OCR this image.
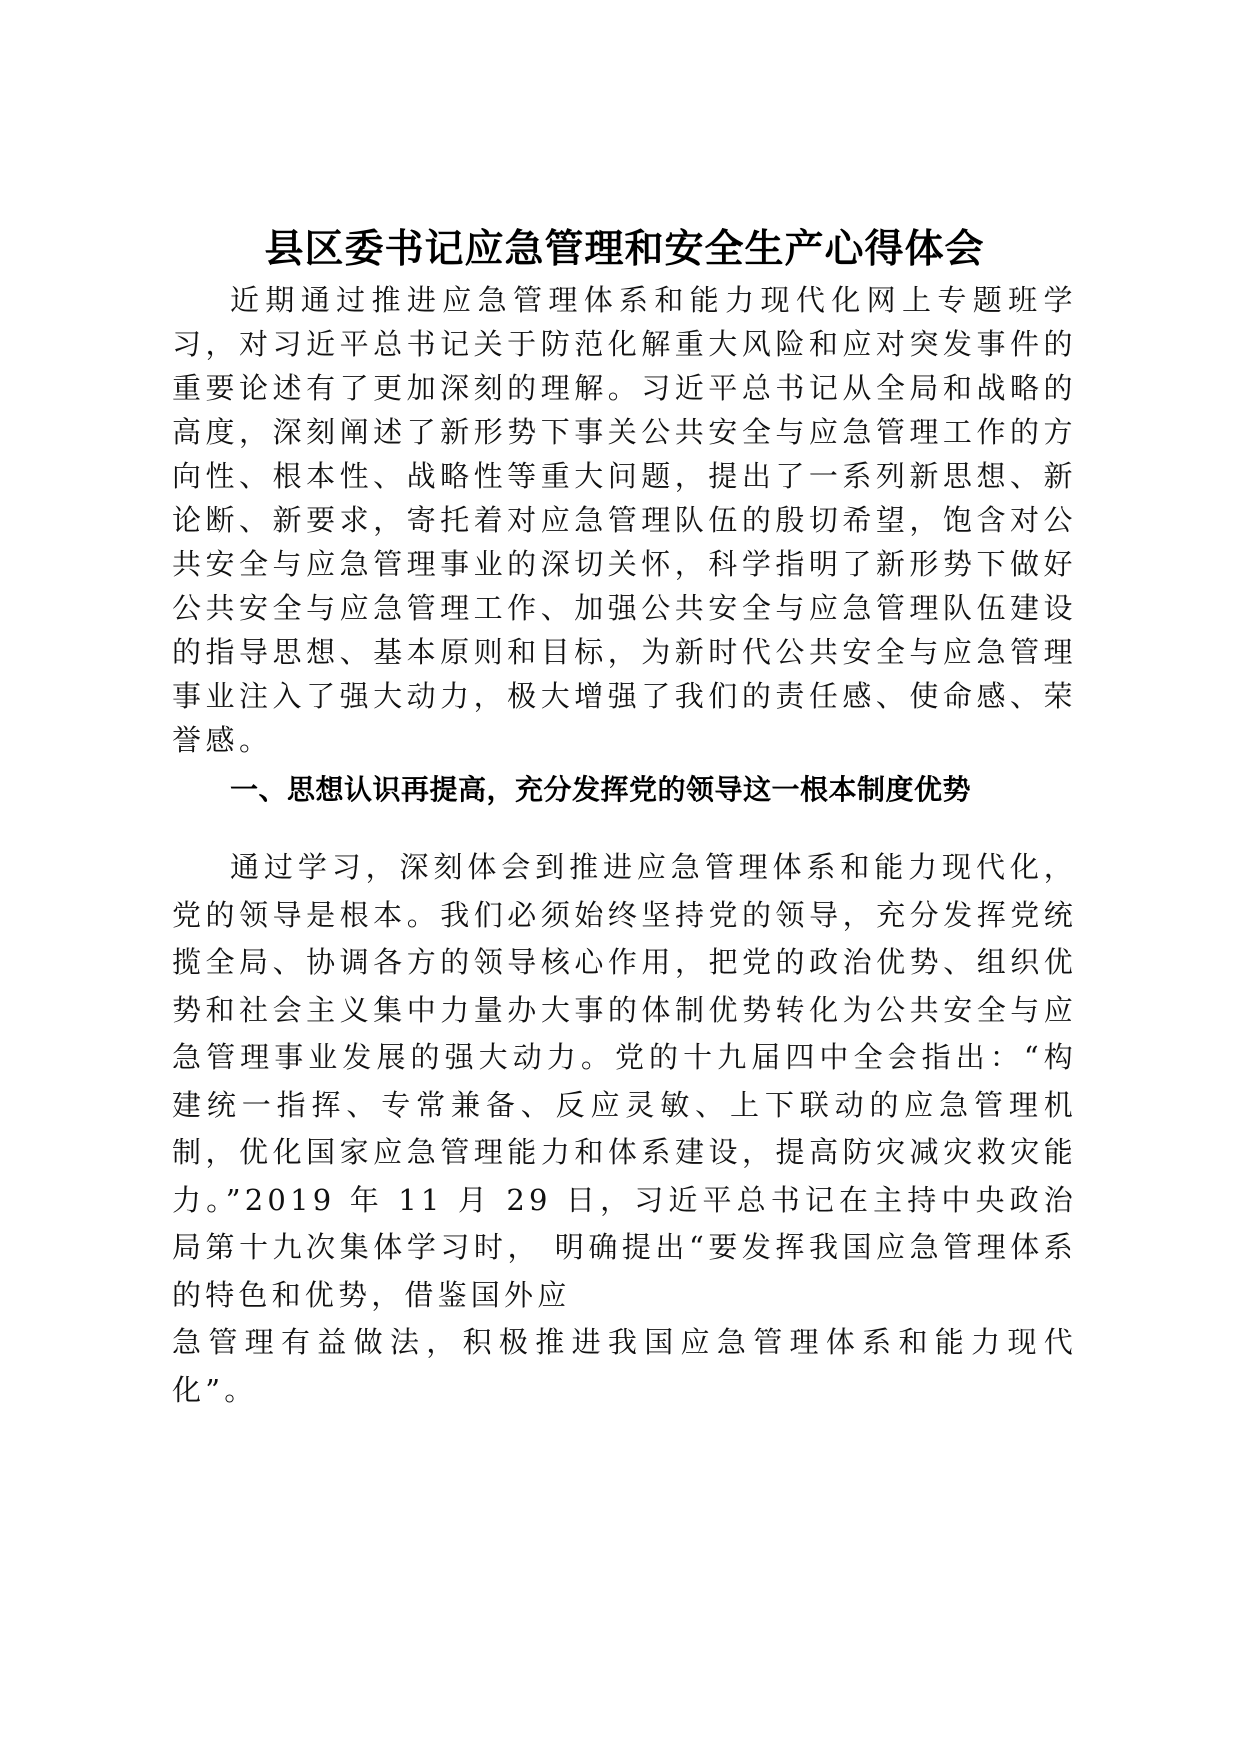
县区委书记应急管理和安全生产心得体会

近期通过推进应急管理体系和能力现代化网上专题班学习，对习近平总书记关于防范化解重大风险和应对突发事件的重要论述有了更加深刻的理解。习近平总书记从全局和战略的高度，深刻阐述了新形势下事关公共安全与应急管理工作的方向性、根本性、战略性等重大问题，提出了一系列新思想、新论断、新要求，寄托着对应急管理队伍的殷切希望，饱含对公共安全与应急管理事业的深切关怀，科学指明了新形势下做好公共安全与应急管理工作、加强公共安全与应急管理队伍建设的指导思想、基本原则和目标，为新时代公共安全与应急管理事业注入了强大动力，极大增强了我们的责任感、使命感、荣誉感。

一、思想认识再提高，充分发挥党的领导这一根本制度优势

通过学习，深刻体会到推进应急管理体系和能力现代化，党的领导是根本。我们必须始终坚持党的领导，充分发挥党统揽全局、协调各方的领导核心作用，把党的政治优势、组织优势和社会主义集中力量办大事的体制优势转化为公共安全与应急管理事业发展的强大动力。党的十九届四中全会指出：“构建统一指挥、专常兼备、反应灵敏、上下联动的应急管理机制，优化国家应急管理能力和体系建设，提高防灾减灾救灾能力。”2019 年 11 月 29 日，习近平总书记在主持中央政治局第十九次集体学习时， 明确提出“要发挥我国应急管理体系的特色和优势，借鉴国外应
急管理有益做法，积极推进我国应急管理体系和能力现代化”。
